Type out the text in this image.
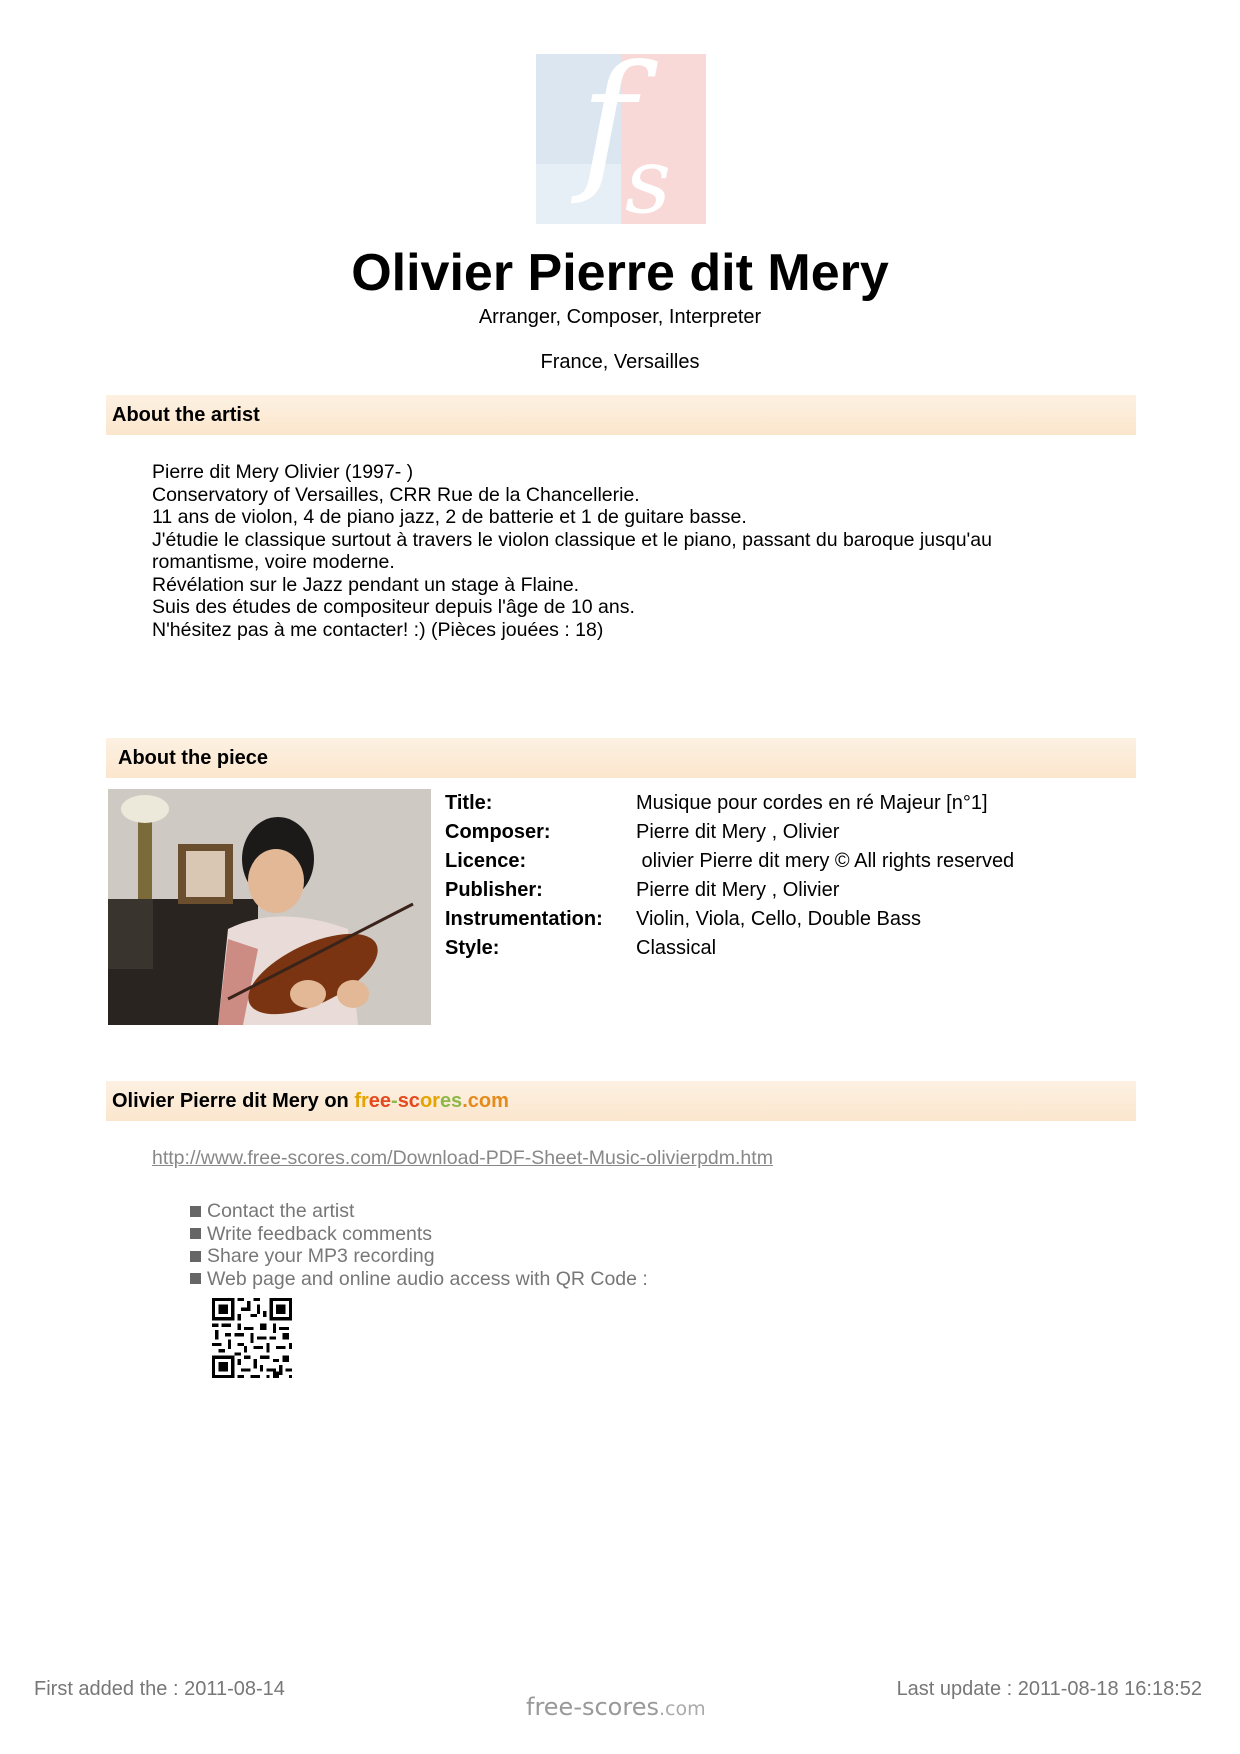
f
s
Olivier Pierre dit Mery
Arranger, Composer, Interpreter
France, Versailles
About the artist
Pierre dit Mery Olivier (1997- )
Conservatory of Versailles, CRR Rue de la Chancellerie.
11 ans de violon, 4 de piano jazz, 2 de batterie et 1 de guitare basse.
J'étudie le classique surtout à travers le violon classique et le piano, passant du baroque jusqu'au
romantisme, voire moderne.
Révélation sur le Jazz pendant un stage à Flaine.
Suis des études de compositeur depuis l'âge de 10 ans.
N'hésitez pas à me contacter! :) (Pièces jouées : 18)
About the piece
Title:	Musique pour cordes en ré Majeur [n°1]
Composer:	Pierre dit Mery , Olivier
Licence:	olivier Pierre dit mery © All rights reserved
Publisher:	Pierre dit Mery , Olivier
Instrumentation:	Violin, Viola, Cello, Double Bass
Style:	Classical
Olivier Pierre dit Mery on free-scores.com
http://www.free-scores.com/Download-PDF-Sheet-Music-olivierpdm.htm
Contact the artist
Write feedback comments
Share your MP3 recording
Web page and online audio access with QR Code :
First added the : 2011-08-14
free-scores.com
Last update : 2011-08-18 16:18:52
